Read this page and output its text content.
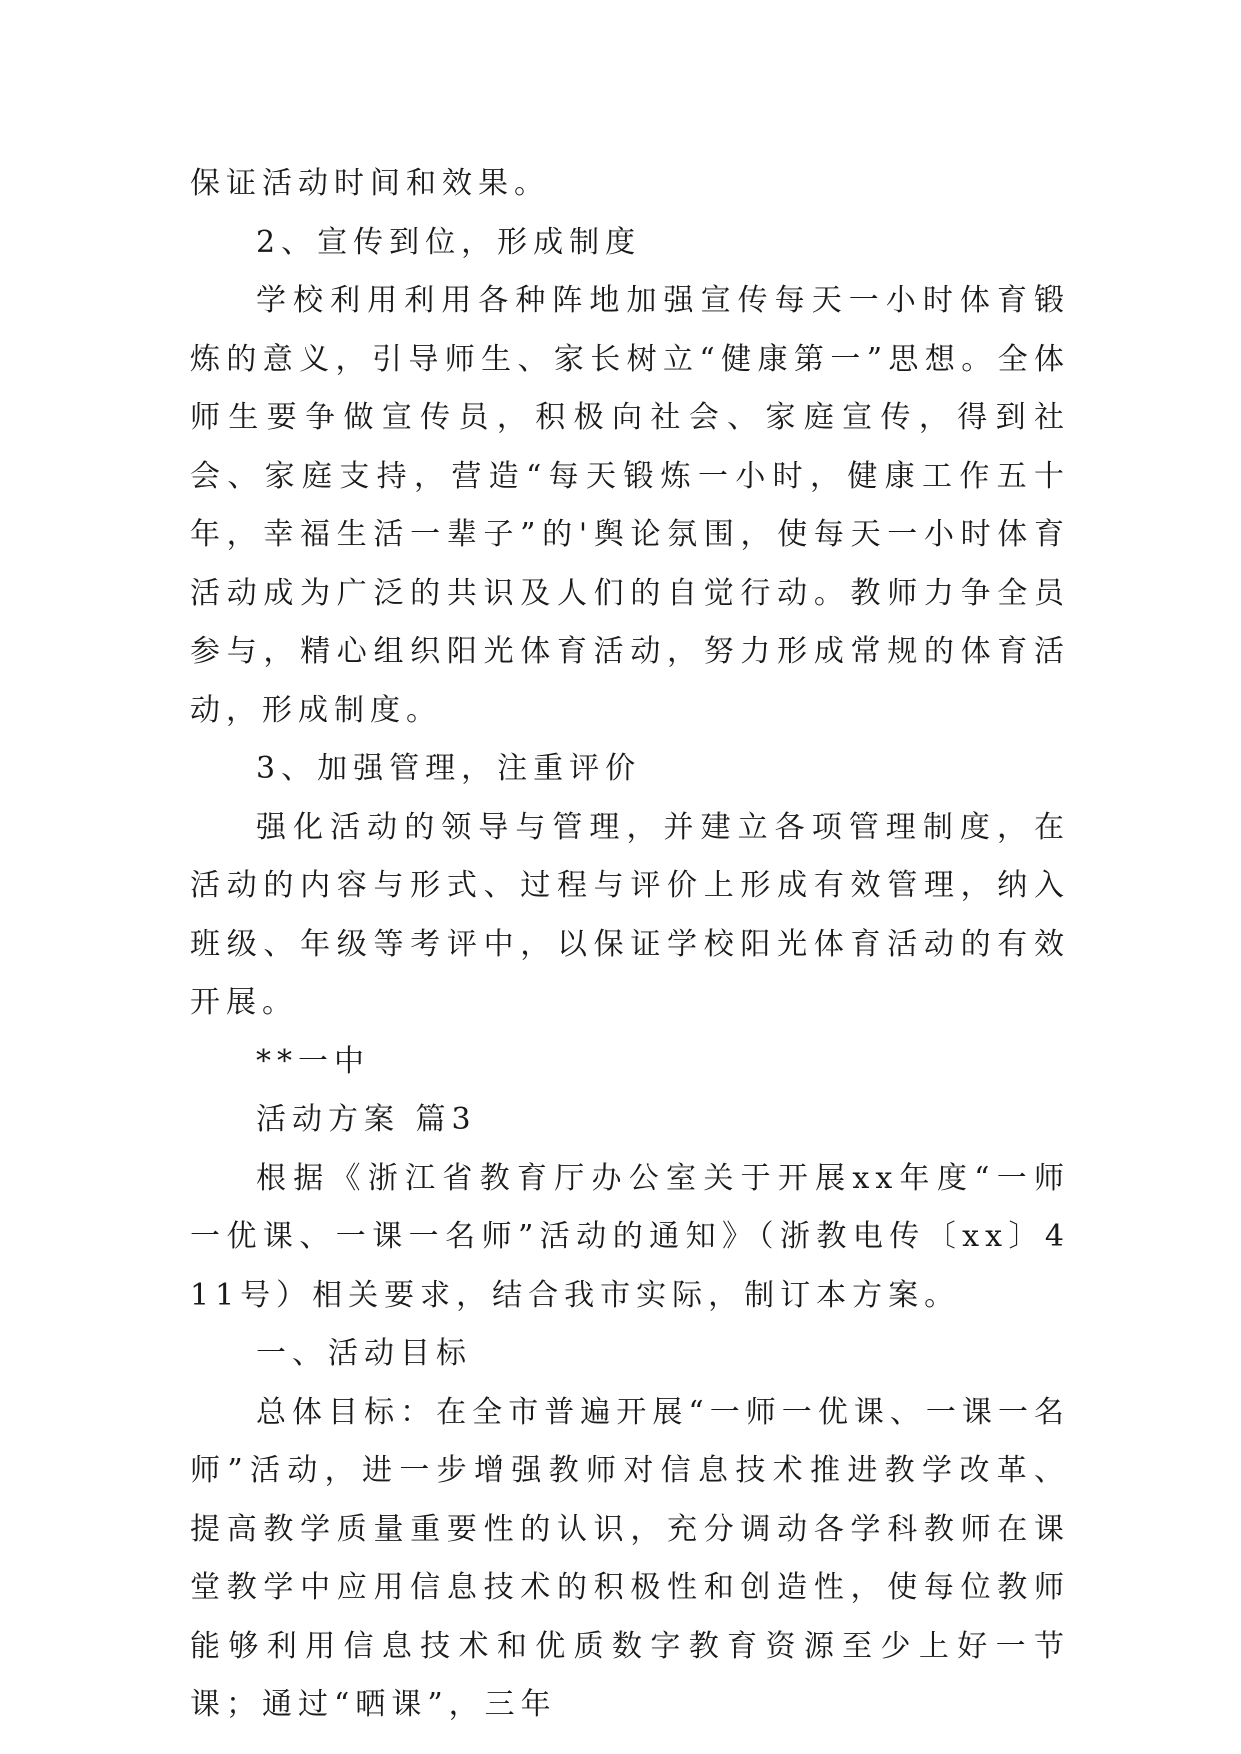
保证活动时间和效果。

2、宣传到位，形成制度

学校利用利用各种阵地加强宣传每天一小时体育锻炼的意义，引导师生、家长树立“健康第一”思想。全体师生要争做宣传员，积极向社会、家庭宣传，得到社会、家庭支持，营造“每天锻炼一小时，健康工作五十年，幸福生活一辈子”的'舆论氛围，使每天一小时体育活动成为广泛的共识及人们的自觉行动。教师力争全员参与，精心组织阳光体育活动，努力形成常规的体育活动，形成制度。

3、加强管理，注重评价

强化活动的领导与管理，并建立各项管理制度，在活动的内容与形式、过程与评价上形成有效管理，纳入班级、年级等考评中，以保证学校阳光体育活动的有效开展。

**一中

活动方案 篇3

根据《浙江省教育厅办公室关于开展xx年度“一师一优课、一课一名师”活动的通知》（浙教电传〔xx〕411号）相关要求，结合我市实际，制订本方案。

一、活动目标

总体目标：在全市普遍开展“一师一优课、一课一名师”活动，进一步增强教师对信息技术推进教学改革、提高教学质量重要性的认识，充分调动各学科教师在课堂教学中应用信息技术的积极性和创造性，使每位教师能够利用信息技术和优质数字教育资源至少上好一节课；通过“晒课”，三年
